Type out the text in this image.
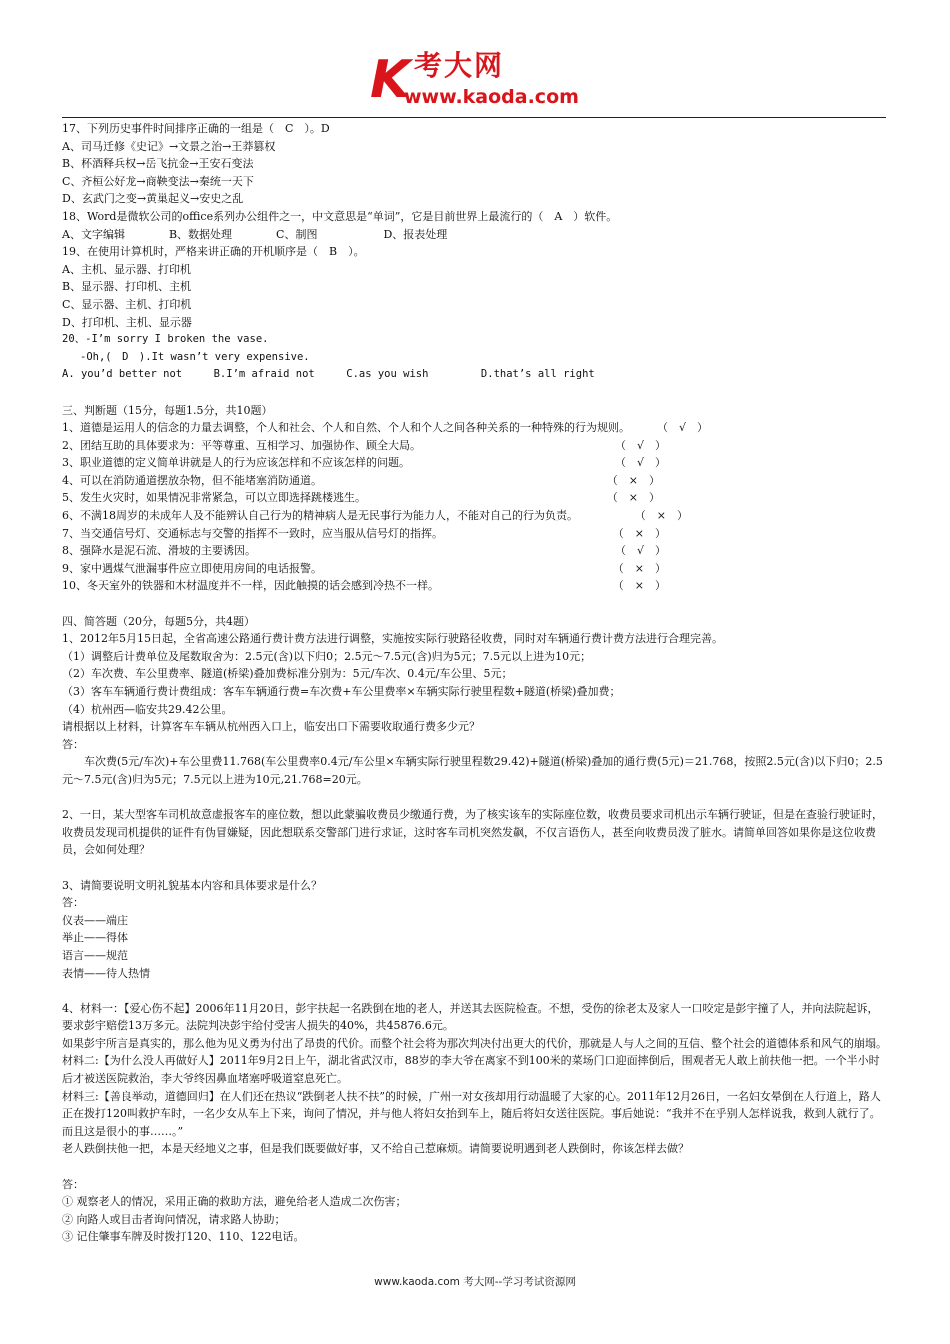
K 考大网
www.kaoda.com
17、下列历史事件时间排序正确的一组是（　C　）。D
A、司马迁修《史记》→文景之治→王莽篡权
B、杯酒释兵权→岳飞抗金→王安石变法
C、齐桓公好龙→商鞅变法→秦统一天下
D、玄武门之变→黄巢起义→安史之乱
18、Word是微软公司的office系列办公组件之一，中文意思是“单词”，它是目前世界上最流行的（　A　）软件。
A、文字编辑　　　　B、数据处理　　　　C、制图　　　　　　D、报表处理
19、在使用计算机时，严格来讲正确的开机顺序是（　B　）。
A、主机、显示器、打印机
B、显示器、打印机、主机
C、显示器、主机、打印机
D、打印机、主机、显示器
20、-I’m sorry I broken the vase.
-Oh,(　D　).It wasn’t very expensive.
A. you’d better not　　　B.I’m afraid not　　　C.as you wish　　　　　D.that’s all right
三、判断题（15分，每题1.5分，共10题）
1、道德是运用人的信念的力量去调整，个人和社会、个人和自然、个人和个人之间各种关系的一种特殊的行为规则。	（　√　）
2、团结互助的具体要求为：平等尊重、互相学习、加强协作、顾全大局。	（　√　）
3、职业道德的定义简单讲就是人的行为应该怎样和不应该怎样的问题。	（　√　）
4、可以在消防通道摆放杂物，但不能堵塞消防通道。	（　×　）
5、发生火灾时，如果情况非常紧急，可以立即选择跳楼逃生。	（　×　）
6、不满18周岁的未成年人及不能辨认自己行为的精神病人是无民事行为能力人，不能对自己的行为负责。	（　×　）
7、当交通信号灯、交通标志与交警的指挥不一致时，应当服从信号灯的指挥。	（　×　）
8、强降水是泥石流、滑坡的主要诱因。	（　√　）
9、家中遇煤气泄漏事件应立即使用房间的电话报警。	（　×　）
10、冬天室外的铁器和木材温度并不一样，因此触摸的话会感到冷热不一样。	（　×　）
四、简答题（20分，每题5分，共4题）
1、2012年5月15日起，全省高速公路通行费计费方法进行调整，实施按实际行驶路径收费，同时对车辆通行费计费方法进行合理完善。
（1）调整后计费单位及尾数取舍为：2.5元(含)以下归0；2.5元～7.5元(含)归为5元；7.5元以上进为10元；
（2）车次费、车公里费率、隧道(桥梁)叠加费标准分别为：5元/车次、0.4元/车公里、5元；
（3）客车车辆通行费计费组成：客车车辆通行费=车次费+车公里费率×车辆实际行驶里程数+隧道(桥梁)叠加费；
（4）杭州西—临安共29.42公里。
请根据以上材料，计算客车车辆从杭州西入口上，临安出口下需要收取通行费多少元？
答：
车次费(5元/车次)+车公里费11.768(车公里费率0.4元/车公里×车辆实际行驶里程数29.42)+隧道(桥梁)叠加的通行费(5元)＝21.768，按照2.5元(含)以下归0；2.5元～7.5元(含)归为5元；7.5元以上进为10元,21.768=20元。
2、一日，某大型客车司机故意虚报客车的座位数，想以此蒙骗收费员少缴通行费，为了核实该车的实际座位数，收费员要求司机出示车辆行驶证，但是在查验行驶证时，收费员发现司机提供的证件有伪冒嫌疑，因此想联系交警部门进行求证，这时客车司机突然发飙，不仅言语伤人，甚至向收费员泼了脏水。请简单回答如果你是这位收费员，会如何处理？
3、请简要说明文明礼貌基本内容和具体要求是什么？
答：
仪表——端庄
举止——得体
语言——规范
表情——待人热情
4、材料一：【爱心伤不起】2006年11月20日，彭宇扶起一名跌倒在地的老人，并送其去医院检查。不想，受伤的徐老太及家人一口咬定是彭宇撞了人，并向法院起诉，要求彭宇赔偿13万多元。法院判决彭宇给付受害人损失的40%，共45876.6元。
如果彭宇所言是真实的，那么他为见义勇为付出了昂贵的代价。而整个社会将为那次判决付出更大的代价，那就是人与人之间的互信、整个社会的道德体系和风气的崩塌。
材料二:【为什么没人再做好人】2011年9月2日上午，湖北省武汉市，88岁的李大爷在离家不到100米的菜场门口迎面摔倒后，围观者无人敢上前扶他一把。一个半小时后才被送医院救治，李大爷终因鼻血堵塞呼吸道窒息死亡。
材料三:【善良举动，道德回归】在人们还在热议“跌倒老人扶不扶”的时候，广州一对女孩却用行动温暖了大家的心。2011年12月26日，一名妇女晕倒在人行道上，路人正在拨打120叫救护车时，一名少女从车上下来，询问了情况，并与他人将妇女抬到车上，随后将妇女送往医院。事后她说：“我并不在乎别人怎样说我，救到人就行了。而且这是很小的事……。”
老人跌倒扶他一把，本是天经地义之事，但是我们既要做好事，又不给自己惹麻烦。请简要说明遇到老人跌倒时，你该怎样去做？
答：
① 观察老人的情况，采用正确的救助方法，避免给老人造成二次伤害；
② 向路人或目击者询问情况，请求路人协助；
③ 记住肇事车牌及时拨打120、110、122电话。
www.kaoda.com 考大网--学习考试资源网
